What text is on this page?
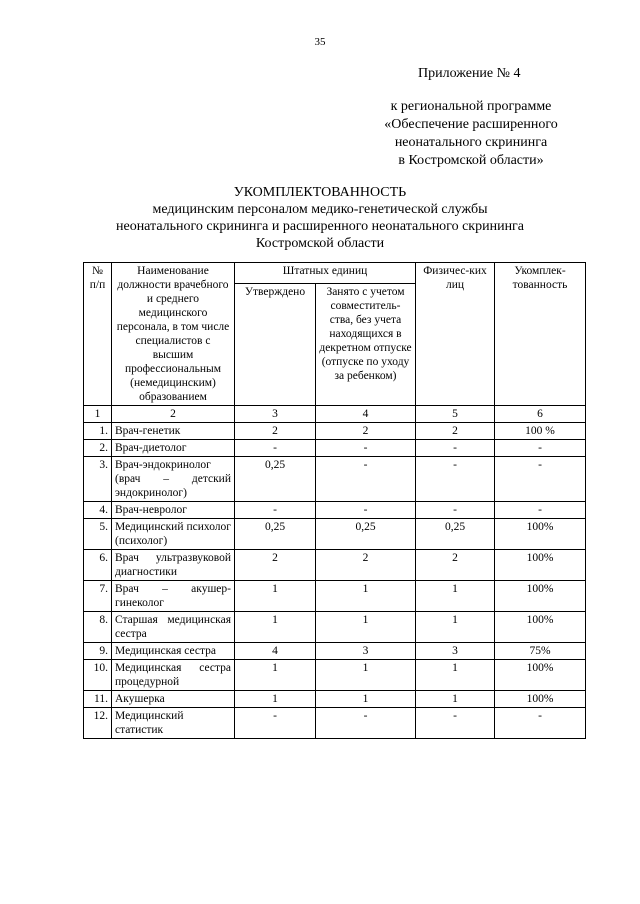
35
Приложение № 4
к региональной программе
«Обеспечение расширенного
неонатального скрининга
в Костромской области»
УКОМПЛЕКТОВАННОСТЬ
медицинским персоналом медико-генетической службы
неонатального скрининга и расширенного неонатального скрининга
Костромской области
№ п/п	Наименование должности врачебного и среднего медицинского персонала, в том числе специалистов с высшим профессиональным (немедицинским) образованием	Штатных единиц		Физичес-ких лиц	Укомплек-тованность
		Утверждено	Занято с учетом совместитель-ства, без учета находящихся в декретном отпуске (отпуске по уходу за ребенком)		
1	2	3	4	5	6
1.	Врач-генетик	2	2	2	100 %
2.	Врач-диетолог	-	-	-	-
3.	Врач-эндокринолог (врач – детский эндокринолог)	0,25	-	-	-
4.	Врач-невролог	-	-	-	-
5.	Медицинский психолог (психолог)	0,25	0,25	0,25	100%
6.	Врач ультразвуковой диагностики	2	2	2	100%
7.	Врач – акушер-гинеколог	1	1	1	100%
8.	Старшая медицинская сестра	1	1	1	100%
9.	Медицинская сестра	4	3	3	75%
10.	Медицинская сестра процедурной	1	1	1	100%
11.	Акушерка	1	1	1	100%
12.	Медицинский статистик	-	-	-	-
